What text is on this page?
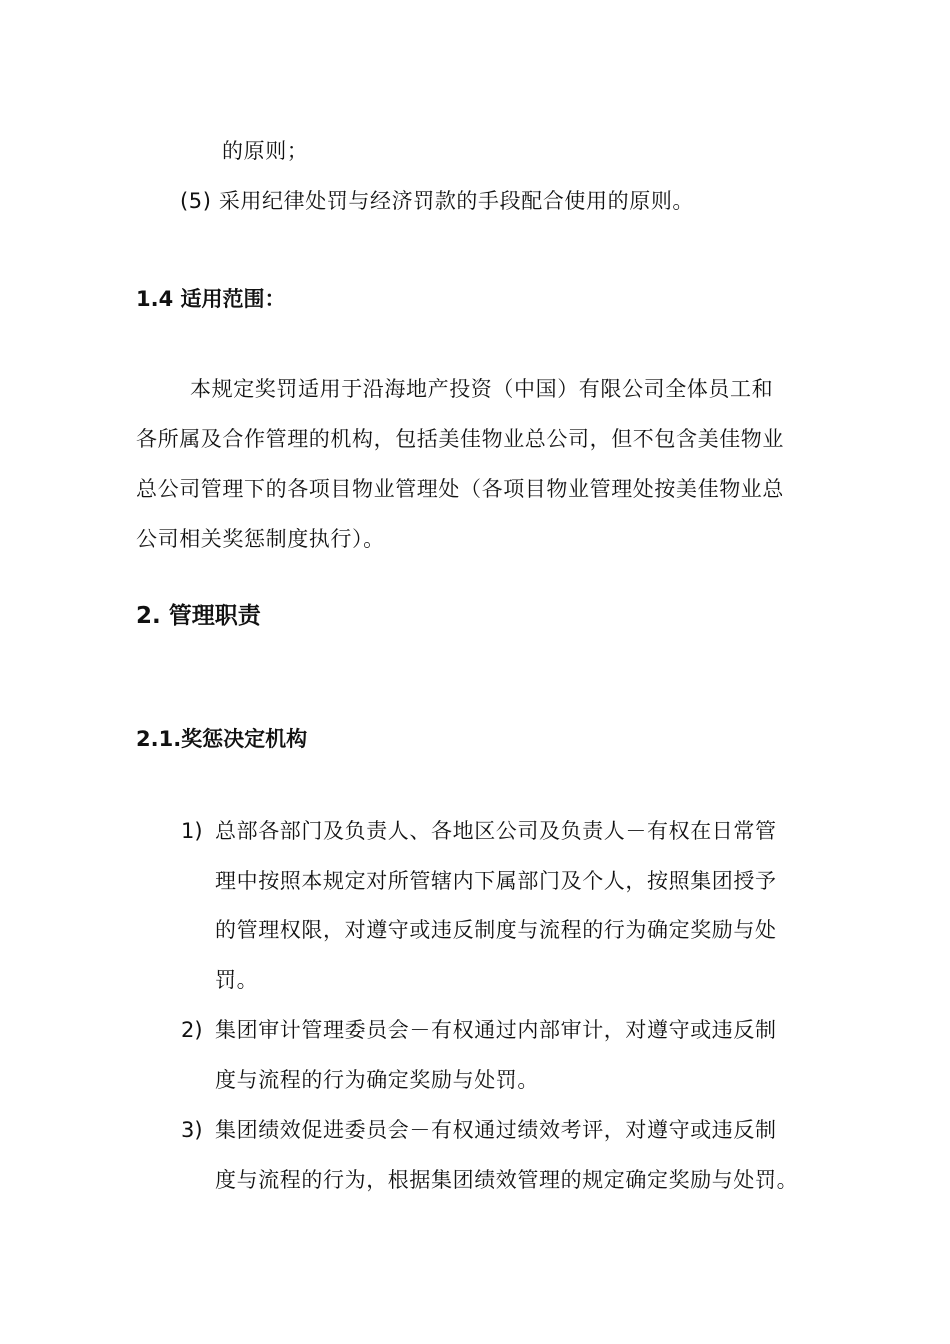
的原则；
(5) 采用纪律处罚与经济罚款的手段配合使用的原则。
1.4 适用范围：
本规定奖罚适用于沿海地产投资（中国）有限公司全体员工和
各所属及合作管理的机构，包括美佳物业总公司，但不包含美佳物业
总公司管理下的各项目物业管理处（各项目物业管理处按美佳物业总
公司相关奖惩制度执行）。
2. 管理职责
2.1.奖惩决定机构
1) 总部各部门及负责人、各地区公司及负责人－有权在日常管
理中按照本规定对所管辖内下属部门及个人，按照集团授予
的管理权限，对遵守或违反制度与流程的行为确定奖励与处
罚。
2) 集团审计管理委员会－有权通过内部审计，对遵守或违反制
度与流程的行为确定奖励与处罚。
3) 集团绩效促进委员会－有权通过绩效考评，对遵守或违反制
度与流程的行为，根据集团绩效管理的规定确定奖励与处罚。
